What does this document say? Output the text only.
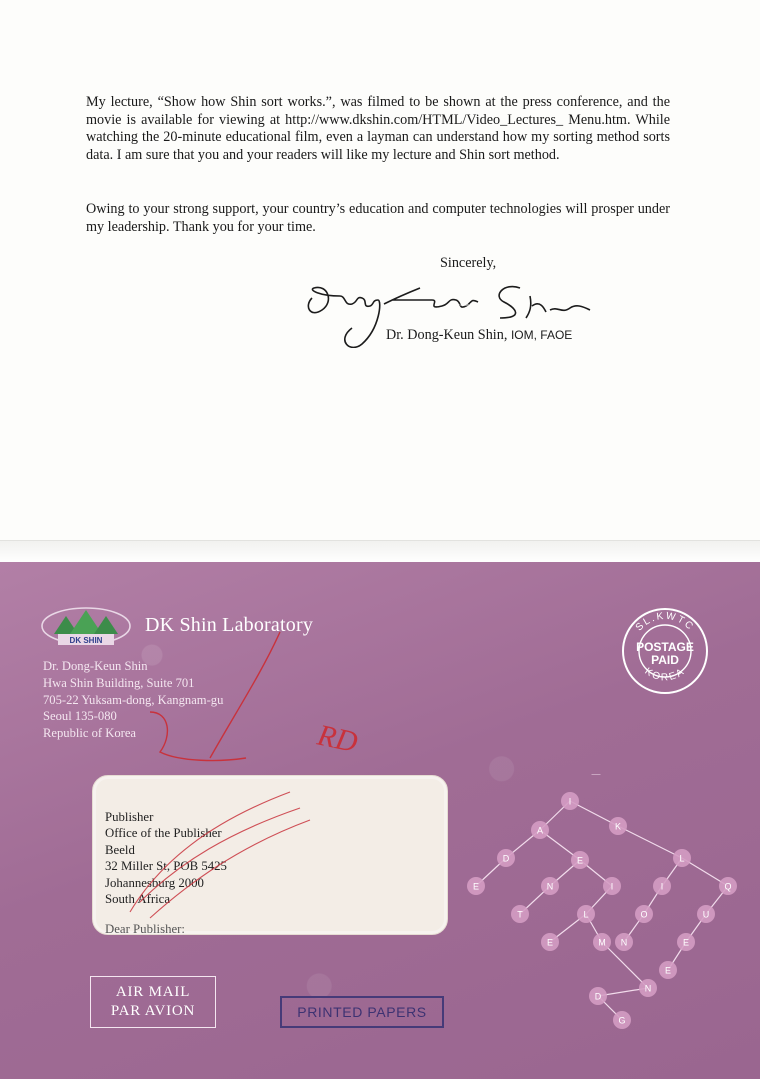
My lecture, “Show how Shin sort works.”, was filmed to be shown at the press conference, and the movie is available for viewing at http://www.dkshin.com/HTML/Video_Lectures_ Menu.htm. While watching the 20-minute educational film, even a layman can understand how my sorting method sorts data. I am sure that you and your readers will like my lecture and Shin sort method.

Owing to your strong support, your country’s education and computer technologies will prosper under my leadership. Thank you for your time.

Sincerely,
Dong-Keun Shin
Dr. Dong-Keun Shin, IOM, FAOE
DK SHIN
DK Shin Laboratory
Dr. Dong-Keun Shin
Hwa Shin Building, Suite 701
705-22 Yuksam-dong, Kangnam-gu
Seoul 135-080
Republic of Korea
SL.KWTC
KOREA
POSTAGE
PAID
Publisher
Office of the Publisher
Beeld
32 Miller St, POB 5425
Johannesburg 2000
South Africa
Dear Publisher:
AIR MAIL
PAR AVION	PRINTED PAPERS
I
A	K
D	E	L
E	N	I	I	Q
T	L	O	U
E	M N	E
E
N
D
G
RD
